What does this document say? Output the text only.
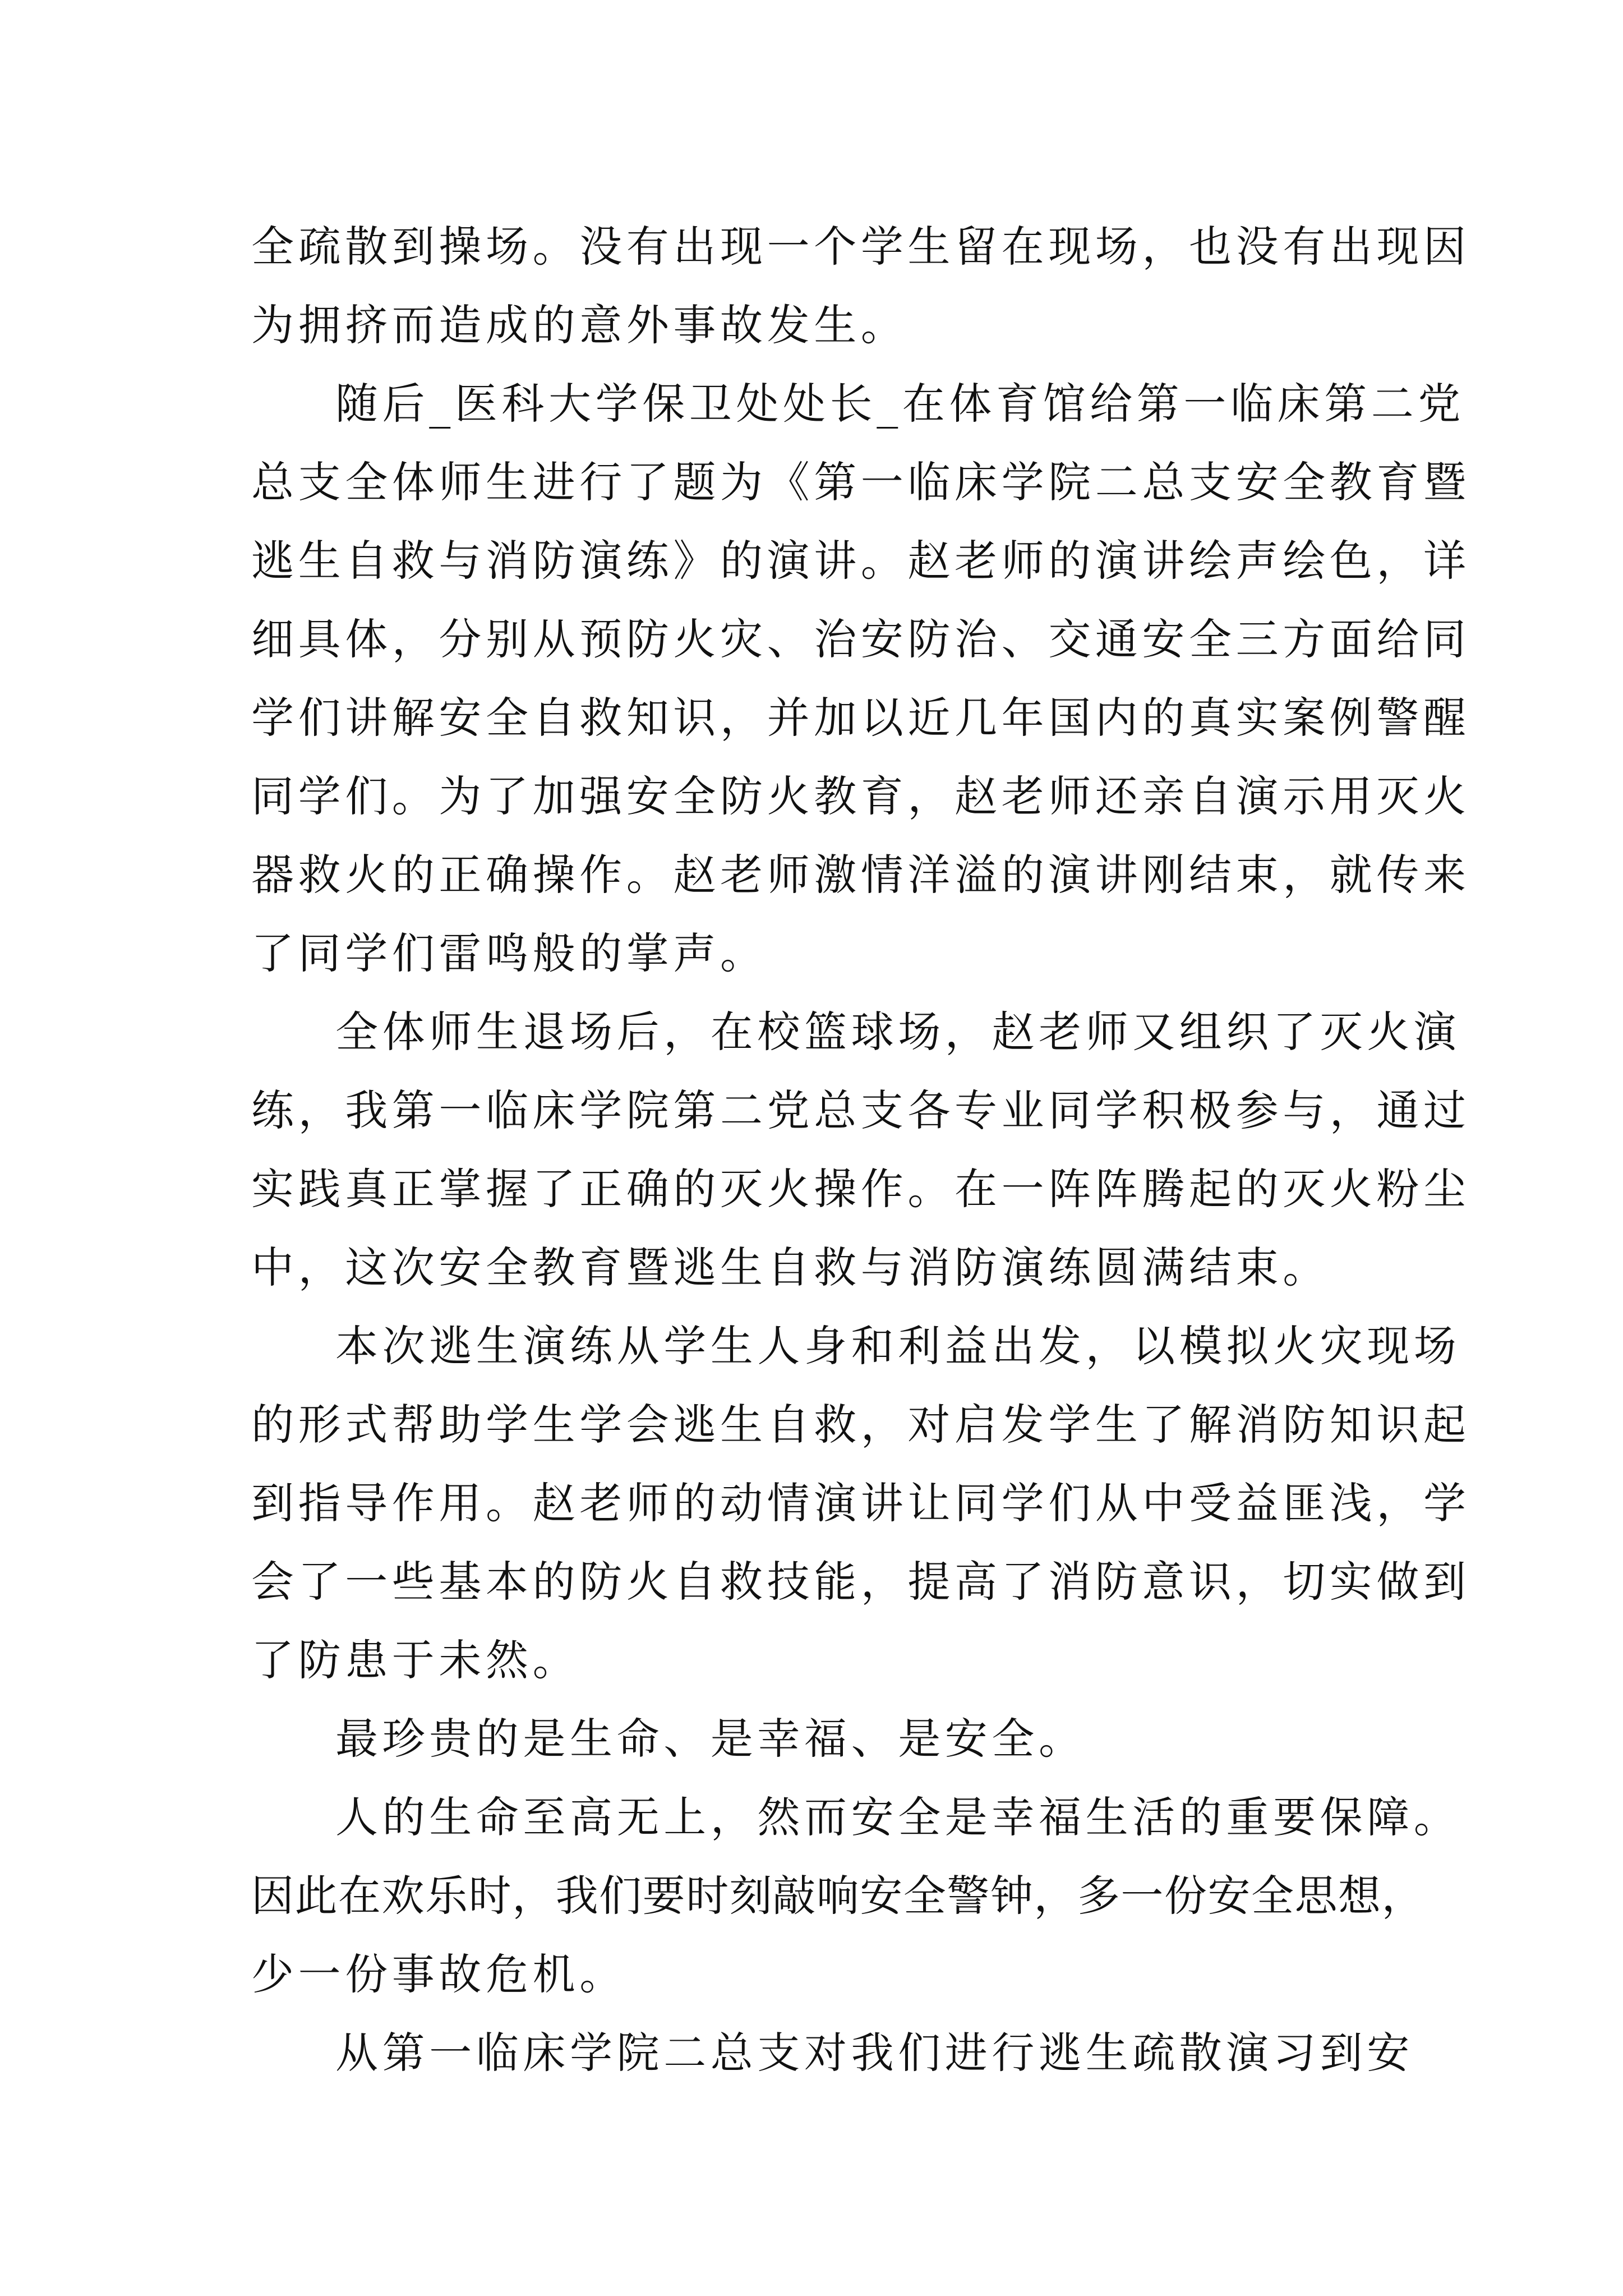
全疏散到操场。没有出现一个学生留在现场，也没有出现因
为拥挤而造成的意外事故发生。
随后_医科大学保卫处处长_在体育馆给第一临床第二党
总支全体师生进行了题为《第一临床学院二总支安全教育暨
逃生自救与消防演练》的演讲。赵老师的演讲绘声绘色，详
细具体，分别从预防火灾、治安防治、交通安全三方面给同
学们讲解安全自救知识，并加以近几年国内的真实案例警醒
同学们。为了加强安全防火教育，赵老师还亲自演示用灭火
器救火的正确操作。赵老师激情洋溢的演讲刚结束，就传来
了同学们雷鸣般的掌声。
全体师生退场后，在校篮球场，赵老师又组织了灭火演
练，我第一临床学院第二党总支各专业同学积极参与，通过
实践真正掌握了正确的灭火操作。在一阵阵腾起的灭火粉尘
中，这次安全教育暨逃生自救与消防演练圆满结束。
本次逃生演练从学生人身和利益出发，以模拟火灾现场
的形式帮助学生学会逃生自救，对启发学生了解消防知识起
到指导作用。赵老师的动情演讲让同学们从中受益匪浅，学
会了一些基本的防火自救技能，提高了消防意识，切实做到
了防患于未然。
最珍贵的是生命、是幸福、是安全。
人的生命至高无上，然而安全是幸福生活的重要保障。
因此在欢乐时，我们要时刻敲响安全警钟，多一份安全思想，
少一份事故危机。
从第一临床学院二总支对我们进行逃生疏散演习到安
